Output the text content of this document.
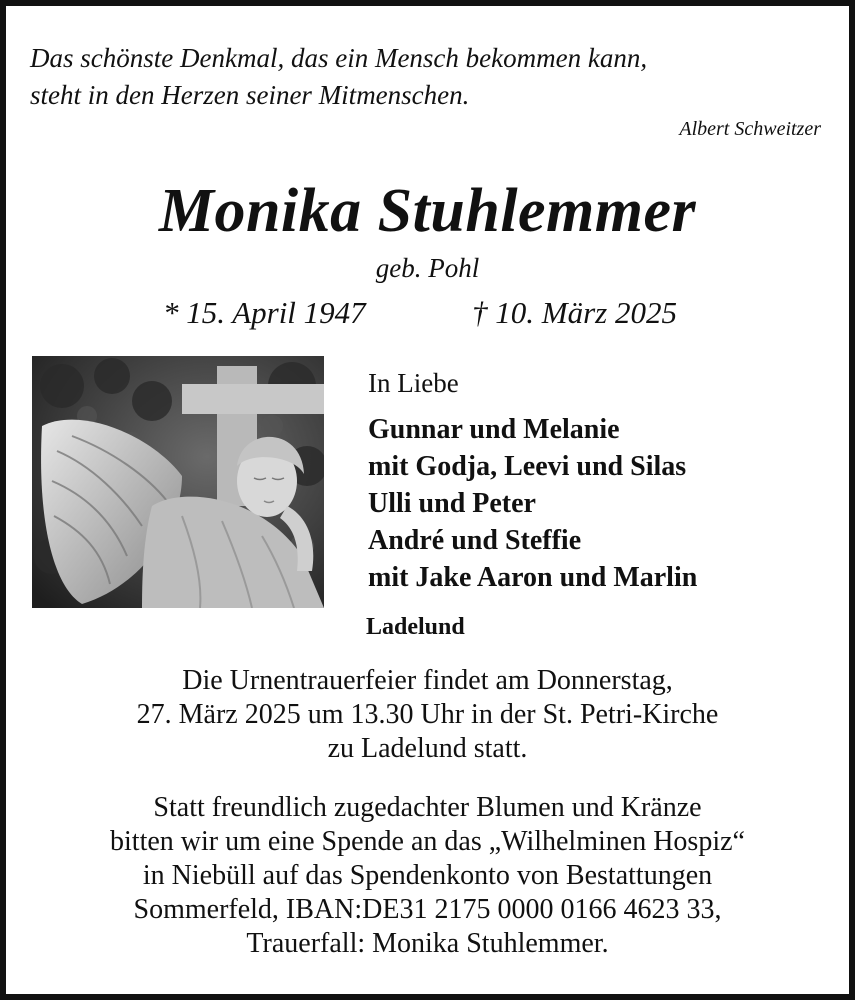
Das schönste Denkmal, das ein Mensch bekommen kann,
steht in den Herzen seiner Mitmenschen.
Albert Schweitzer
Monika Stuhlemmer
geb. Pohl
* 15. April 1947	† 10. März 2025
In Liebe
Gunnar und Melanie
mit Godja, Leevi und Silas
Ulli und Peter
André und Steffie
mit Jake Aaron und Marlin
Ladelund
Die Urnentrauerfeier findet am Donnerstag,
27. März 2025 um 13.30 Uhr in der St. Petri-Kirche
zu Ladelund statt.
Statt freundlich zugedachter Blumen und Kränze
bitten wir um eine Spende an das „Wilhelminen Hospiz“
in Niebüll auf das Spendenkonto von Bestattungen
Sommerfeld, IBAN:DE31 2175 0000 0166 4623 33,
Trauerfall: Monika Stuhlemmer.
